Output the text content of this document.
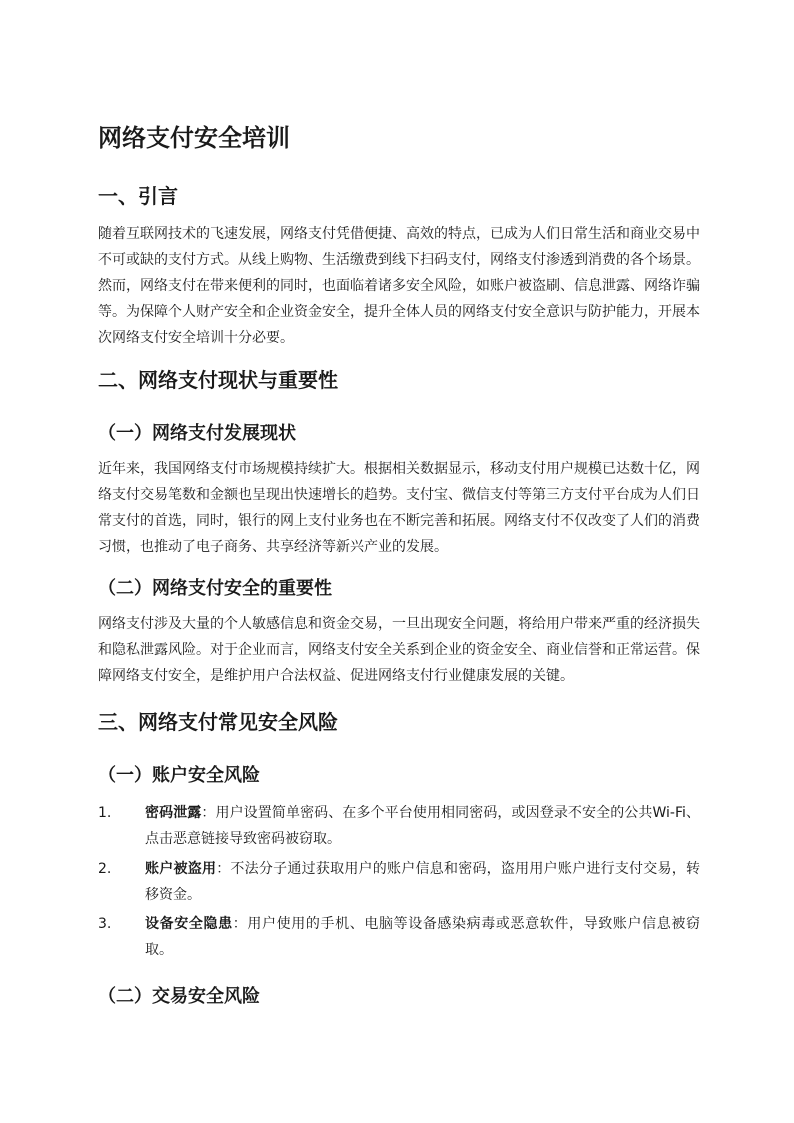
网络支付安全培训
一、引言

随着互联网技术的飞速发展，网络支付凭借便捷、高效的特点，已成为人们日常生活和商业交易中不可或缺的支付方式。从线上购物、生活缴费到线下扫码支付，网络支付渗透到消费的各个场景。然而，网络支付在带来便利的同时，也面临着诸多安全风险，如账户被盗刷、信息泄露、网络诈骗等。为保障个人财产安全和企业资金安全，提升全体人员的网络支付安全意识与防护能力，开展本次网络支付安全培训十分必要。

二、网络支付现状与重要性
（一）网络支付发展现状

近年来，我国网络支付市场规模持续扩大。根据相关数据显示，移动支付用户规模已达数十亿，网络支付交易笔数和金额也呈现出快速增长的趋势。支付宝、微信支付等第三方支付平台成为人们日常支付的首选，同时，银行的网上支付业务也在不断完善和拓展。网络支付不仅改变了人们的消费习惯，也推动了电子商务、共享经济等新兴产业的发展。

（二）网络支付安全的重要性

网络支付涉及大量的个人敏感信息和资金交易，一旦出现安全问题，将给用户带来严重的经济损失和隐私泄露风险。对于企业而言，网络支付安全关系到企业的资金安全、商业信誉和正常运营。保障网络支付安全，是维护用户合法权益、促进网络支付行业健康发展的关键。

三、网络支付常见安全风险
（一）账户安全风险
1. 密码泄露：用户设置简单密码、在多个平台使用相同密码，或因登录不安全的公共Wi-Fi、点击恶意链接导致密码被窃取。
2. 账户被盗用：不法分子通过获取用户的账户信息和密码，盗用用户账户进行支付交易，转移资金。
3. 设备安全隐患：用户使用的手机、电脑等设备感染病毒或恶意软件，导致账户信息被窃取。
（二）交易安全风险
